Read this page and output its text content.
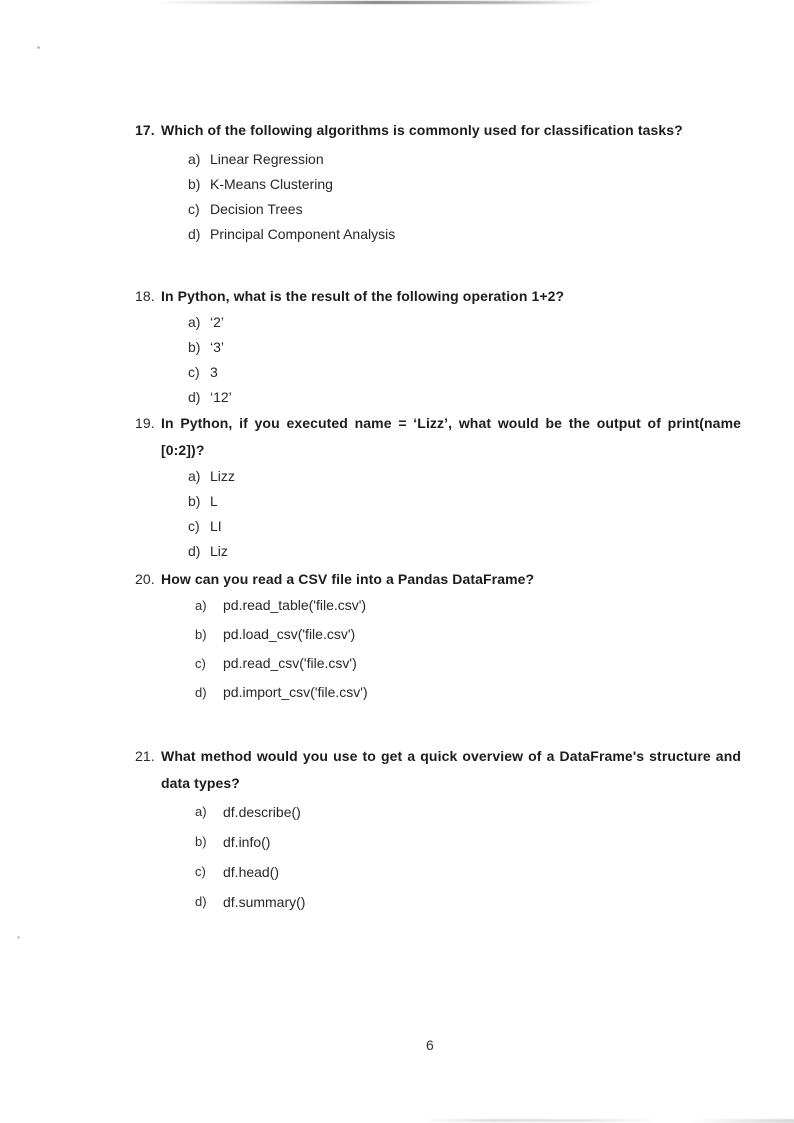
17. Which of the following algorithms is commonly used for classification tasks?
a) Linear Regression
b) K-Means Clustering
c) Decision Trees
d) Principal Component Analysis
18. In Python, what is the result of the following operation 1+2?
a) ‘2’
b) ‘3’
c) 3
d) ‘12’
19. In Python, if you executed name = ‘Lizz’, what would be the output of print(name
[0:2])?
a) Lizz
b) L
c) LI
d) Liz
20. How can you read a CSV file into a Pandas DataFrame?
a) pd.read_table('file.csv')
b) pd.load_csv('file.csv')
c) pd.read_csv('file.csv')
d) pd.import_csv('file.csv')
21. What method would you use to get a quick overview of a DataFrame's structure and
data types?
a) df.describe()
b) df.info()
c) df.head()
d) df.summary()
6
